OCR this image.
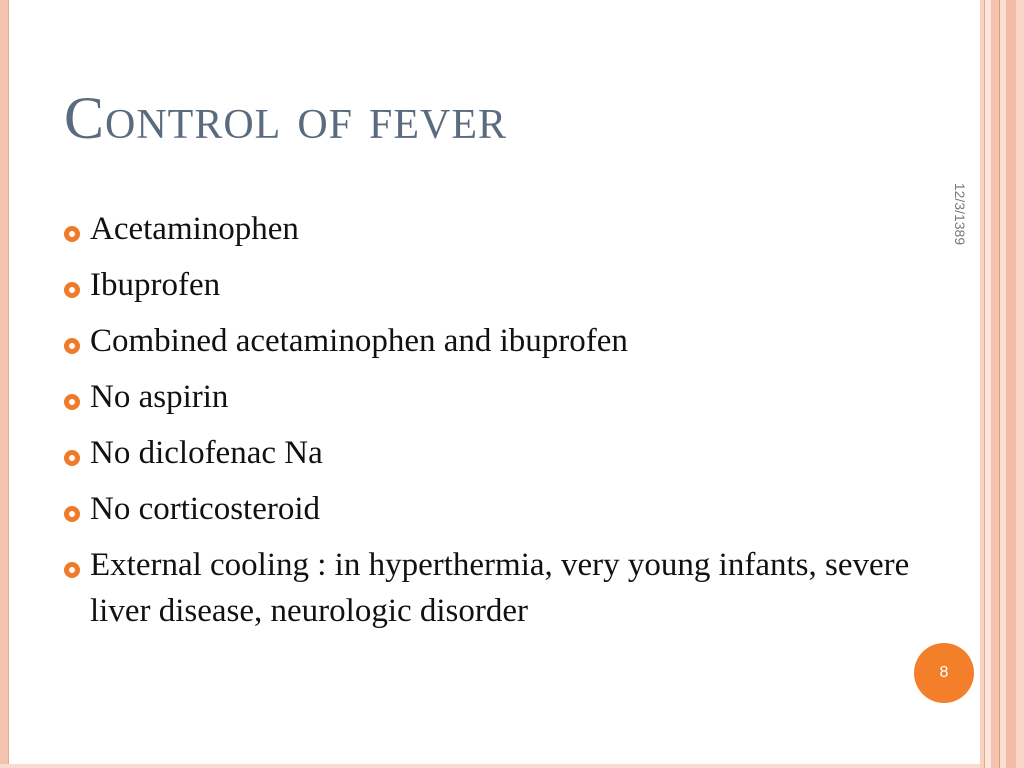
Control of fever
12/3/1389
Acetaminophen
Ibuprofen
Combined acetaminophen and ibuprofen
No aspirin
No diclofenac Na
No corticosteroid
External cooling : in hyperthermia, very young infants, severe liver disease, neurologic disorder
8
